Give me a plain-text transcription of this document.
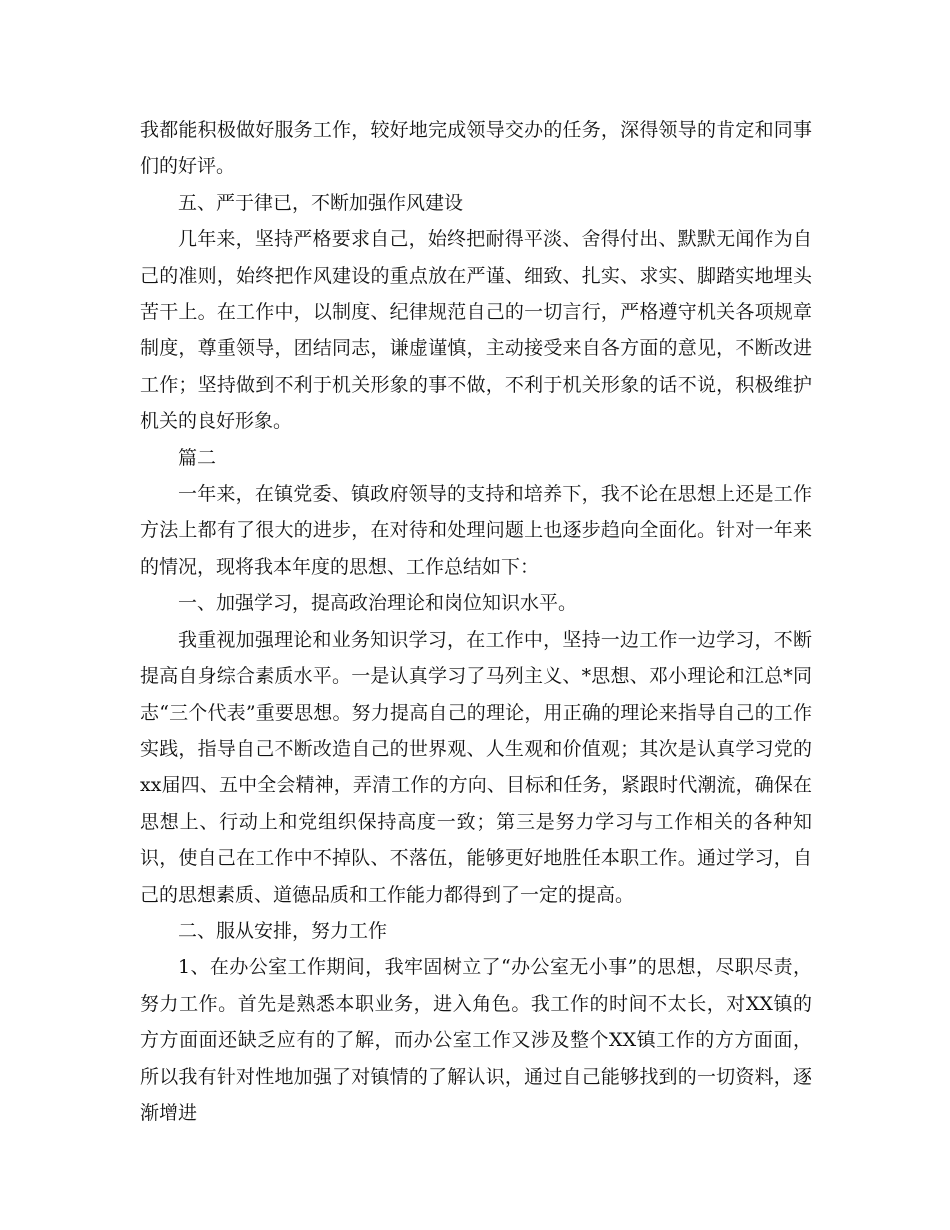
我都能积极做好服务工作，较好地完成领导交办的任务，深得领导的肯定和同事们的好评。

五、严于律已，不断加强作风建设

几年来，坚持严格要求自己，始终把耐得平淡、舍得付出、默默无闻作为自己的准则，始终把作风建设的重点放在严谨、细致、扎实、求实、脚踏实地埋头苦干上。在工作中，以制度、纪律规范自己的一切言行，严格遵守机关各项规章制度，尊重领导，团结同志，谦虚谨慎，主动接受来自各方面的意见，不断改进工作；坚持做到不利于机关形象的事不做，不利于机关形象的话不说，积极维护机关的良好形象。

篇二

一年来，在镇党委、镇政府领导的支持和培养下，我不论在思想上还是工作方法上都有了很大的进步，在对待和处理问题上也逐步趋向全面化。针对一年来的情况，现将我本年度的思想、工作总结如下：

一、加强学习，提高政治理论和岗位知识水平。

我重视加强理论和业务知识学习，在工作中，坚持一边工作一边学习，不断提高自身综合素质水平。一是认真学习了马列主义、*思想、邓小理论和江总*同志“三个代表”重要思想。努力提高自己的理论，用正确的理论来指导自己的工作实践，指导自己不断改造自己的世界观、人生观和价值观；其次是认真学习党的xx届四、五中全会精神，弄清工作的方向、目标和任务，紧跟时代潮流，确保在思想上、行动上和党组织保持高度一致；第三是努力学习与工作相关的各种知识，使自己在工作中不掉队、不落伍，能够更好地胜任本职工作。通过学习，自己的思想素质、道德品质和工作能力都得到了一定的提高。

二、服从安排，努力工作

1、在办公室工作期间，我牢固树立了“办公室无小事”的思想，尽职尽责，努力工作。首先是熟悉本职业务，进入角色。我工作的时间不太长，对XX镇的方方面面还缺乏应有的了解，而办公室工作又涉及整个XX镇工作的方方面面，所以我有针对性地加强了对镇情的了解认识，通过自己能够找到的一切资料，逐渐增进
